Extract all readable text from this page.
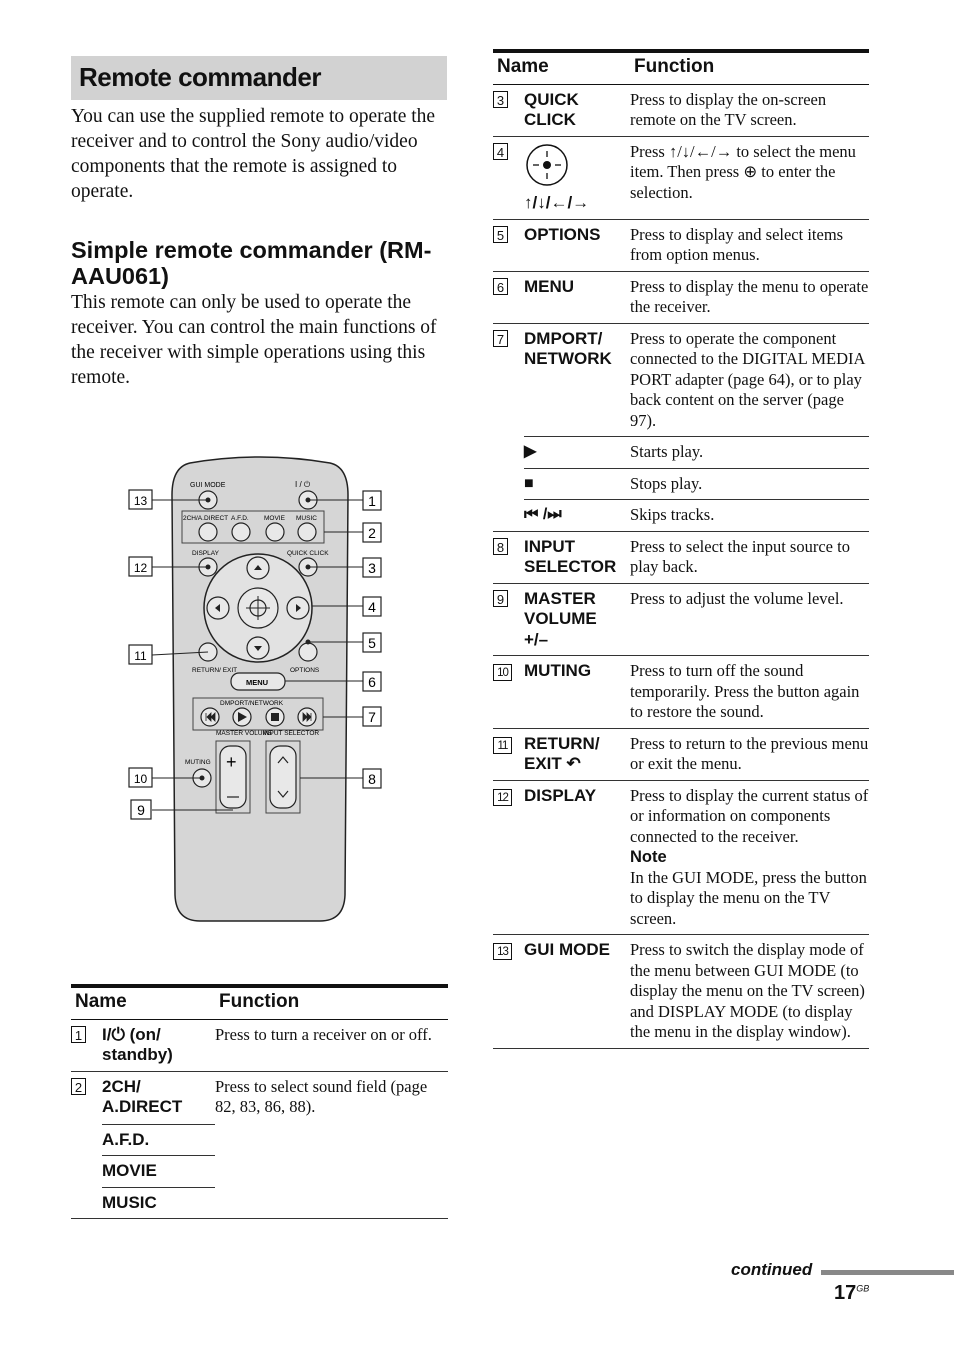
Remote commander
You can use the supplied remote to operate the receiver and to control the Sony audio/video components that the remote is assigned to operate.
Simple remote commander (RM-AAU061)
This remote can only be used to operate the receiver. You can control the main functions of the receiver with simple operations using this remote.
GUI MODE	I / ⏻
2CH/A.DIRECT A.F.D. MOVIE MUSIC
DISPLAY	QUICK CLICK
RETURN/ EXIT	OPTIONS
MENU
DMPORT/NETWORK
MASTER VOLUME
INPUT SELECTOR
+
MUTING
1
2
3
4
5
6
7
8
9
10
11
12
13
Name		Function
1	I/⏻ (on/ standby)	Press to turn a receiver on or off.
2	2CH/ A.DIRECT	Press to select sound field (page 82, 83, 86, 88).
	A.F.D.	
	MOVIE	
	MUSIC	
Name		Function
3	QUICK CLICK	Press to display the on-screen remote on the TV screen.
4	↑/↓/←/→	Press ↑/↓/←/→ to select the menu item. Then press ⊕ to enter the selection.
5	OPTIONS	Press to display and select items from option menus.
6	MENU	Press to display the menu to operate the receiver.
7	DMPORT/ NETWORK	Press to operate the component connected to the DIGITAL MEDIA PORT adapter (page 64), or to play back content on the server (page 97).
	▶	Starts play.
	■	Stops play.
	⏮ /⏭	Skips tracks.
8	INPUT SELECTOR	Press to select the input source to play back.
9	MASTER VOLUME +/–	Press to adjust the volume level.
10	MUTING	Press to turn off the sound temporarily. Press the button again to restore the sound.
11	RETURN/ EXIT ↶	Press to return to the previous menu or exit the menu.
12	DISPLAY	Press to display the current status of or information on components connected to the receiver.
Note
In the GUI MODE, press the button to display the menu on the TV screen.

13	GUI MODE	Press to switch the display mode of the menu between GUI MODE (to display the menu on the TV screen) and DISPLAY MODE (to display the menu in the display window).
continued
$17^{GB}$
